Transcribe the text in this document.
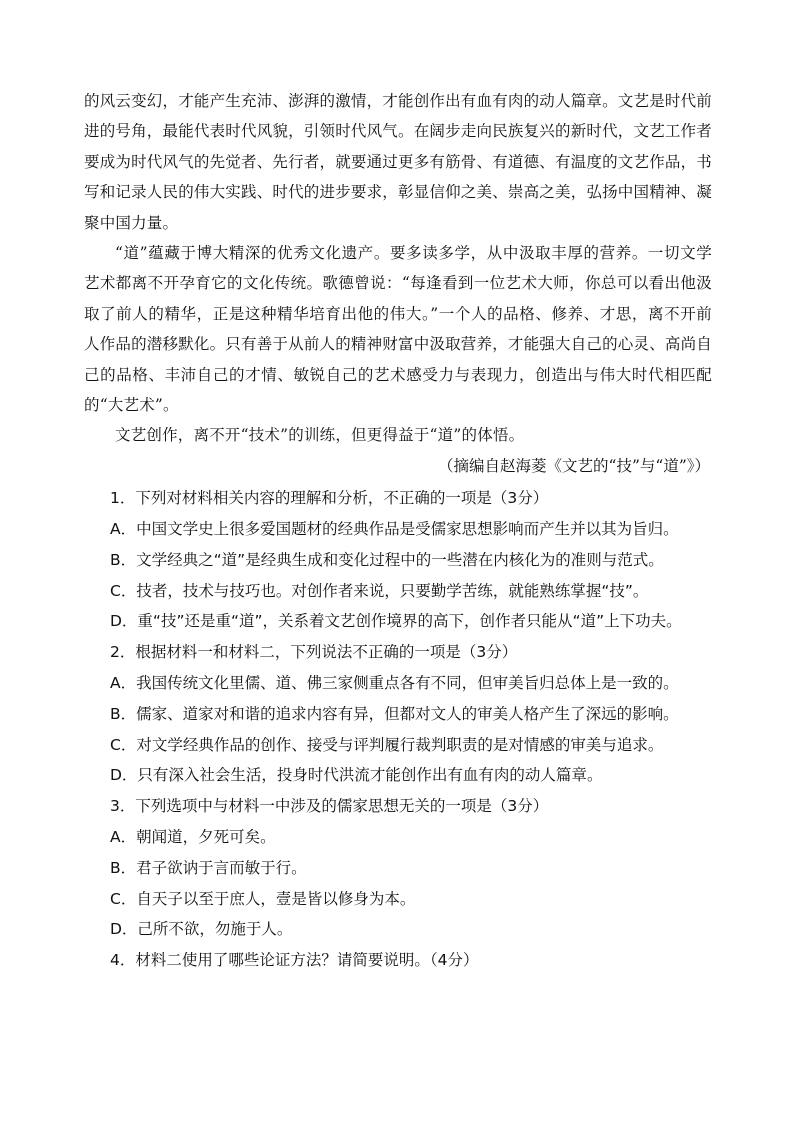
的风云变幻，才能产生充沛、澎湃的激情，才能创作出有血有肉的动人篇章。文艺是时代前进的号角，最能代表时代风貌，引领时代风气。在阔步走向民族复兴的新时代，文艺工作者要成为时代风气的先觉者、先行者，就要通过更多有筋骨、有道德、有温度的文艺作品，书写和记录人民的伟大实践、时代的进步要求，彰显信仰之美、崇高之美，弘扬中国精神、凝聚中国力量。

“道”蕴藏于博大精深的优秀文化遗产。要多读多学，从中汲取丰厚的营养。一切文学艺术都离不开孕育它的文化传统。歌德曾说：“每逢看到一位艺术大师，你总可以看出他汲取了前人的精华，正是这种精华培育出他的伟大。”一个人的品格、修养、才思，离不开前人作品的潜移默化。只有善于从前人的精神财富中汲取营养，才能强大自己的心灵、高尚自己的品格、丰沛自己的才情、敏锐自己的艺术感受力与表现力，创造出与伟大时代相匹配的“大艺术”。

文艺创作，离不开“技术”的训练，但更得益于“道”的体悟。

（摘编自赵海菱《文艺的“技”与“道”》）

1．下列对材料相关内容的理解和分析，不正确的一项是（3分）

A．中国文学史上很多爱国题材的经典作品是受儒家思想影响而产生并以其为旨归。

B．文学经典之“道”是经典生成和变化过程中的一些潜在内核化为的准则与范式。

C．技者，技术与技巧也。对创作者来说，只要勤学苦练，就能熟练掌握“技”。

D．重“技”还是重“道”，关系着文艺创作境界的高下，创作者只能从“道”上下功夫。

2．根据材料一和材料二，下列说法不正确的一项是（3分）

A．我国传统文化里儒、道、佛三家侧重点各有不同，但审美旨归总体上是一致的。

B．儒家、道家对和谐的追求内容有异，但都对文人的审美人格产生了深远的影响。

C．对文学经典作品的创作、接受与评判履行裁判职责的是对情感的审美与追求。

D．只有深入社会生活，投身时代洪流才能创作出有血有肉的动人篇章。

3．下列选项中与材料一中涉及的儒家思想无关的一项是（3分）

A．朝闻道，夕死可矣。

B．君子欲讷于言而敏于行。

C．自天子以至于庶人，壹是皆以修身为本。

D．己所不欲，勿施于人。

4．材料二使用了哪些论证方法？请简要说明。（4分）
